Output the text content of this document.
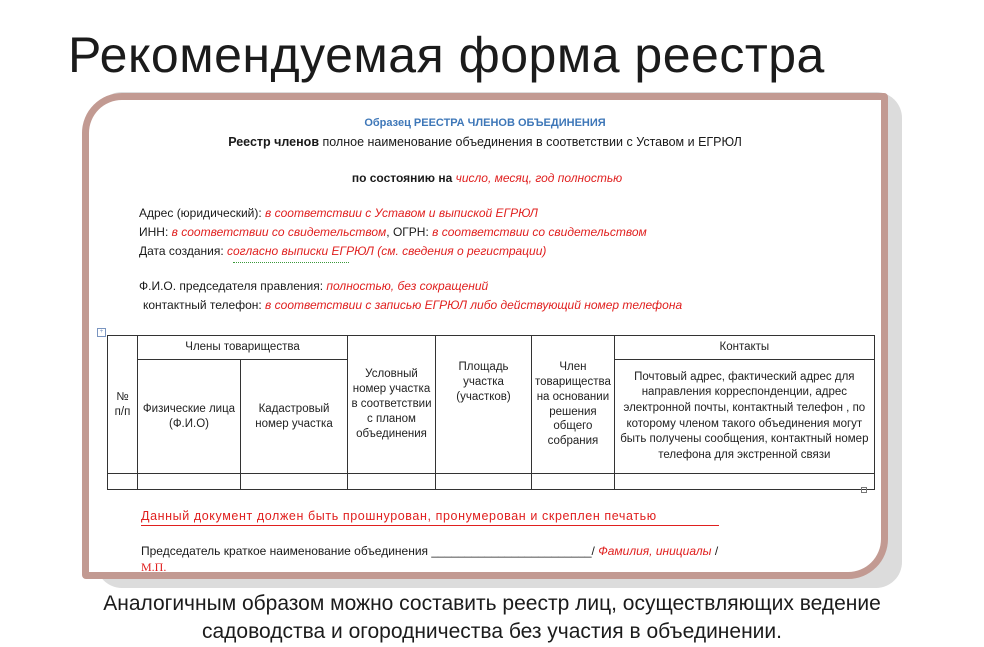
Рекомендуемая форма реестра
Образец РЕЕСТРА ЧЛЕНОВ ОБЪЕДИНЕНИЯ
Реестр членов полное наименование объединения в соответствии с Уставом и ЕГРЮЛ
по состоянию на число, месяц, год полностью
Адрес (юридический): в соответствии с Уставом и выпиской ЕГРЮЛ
ИНН: в соответствии со свидетельством, ОГРН: в соответствии со свидетельством
Дата создания: согласно выписки ЕГРЮЛ (см. сведения о регистрации)
Ф.И.О. председателя правления: полностью, без сокращений
контактный телефон: в соответствии с записью ЕГРЮЛ либо действующий номер телефона
+
№ п/п	Члены товарищества		Условный номер участка в соответствии с планом объединения	Площадь участка (участков)	Член товарищества на основании решения общего собрания	Контакты

	Физические лица (Ф.И.О)	Кадастровый номер участка				Почтовый адрес, фактический адрес для направления корреспонденции, адрес электронной почты, контактный телефон , по которому членом такого объединения могут быть получены сообщения, контактный номер телефона для экстренной связи

Данный документ должен быть прошнурован, пронумерован и скреплен печатью
Председатель краткое наименование объединения ________________________/ Фамилия, инициалы /
М.П.
Аналогичным образом можно составить реестр лиц, осуществляющих ведение
садоводства и огородничества без участия в объединении.
